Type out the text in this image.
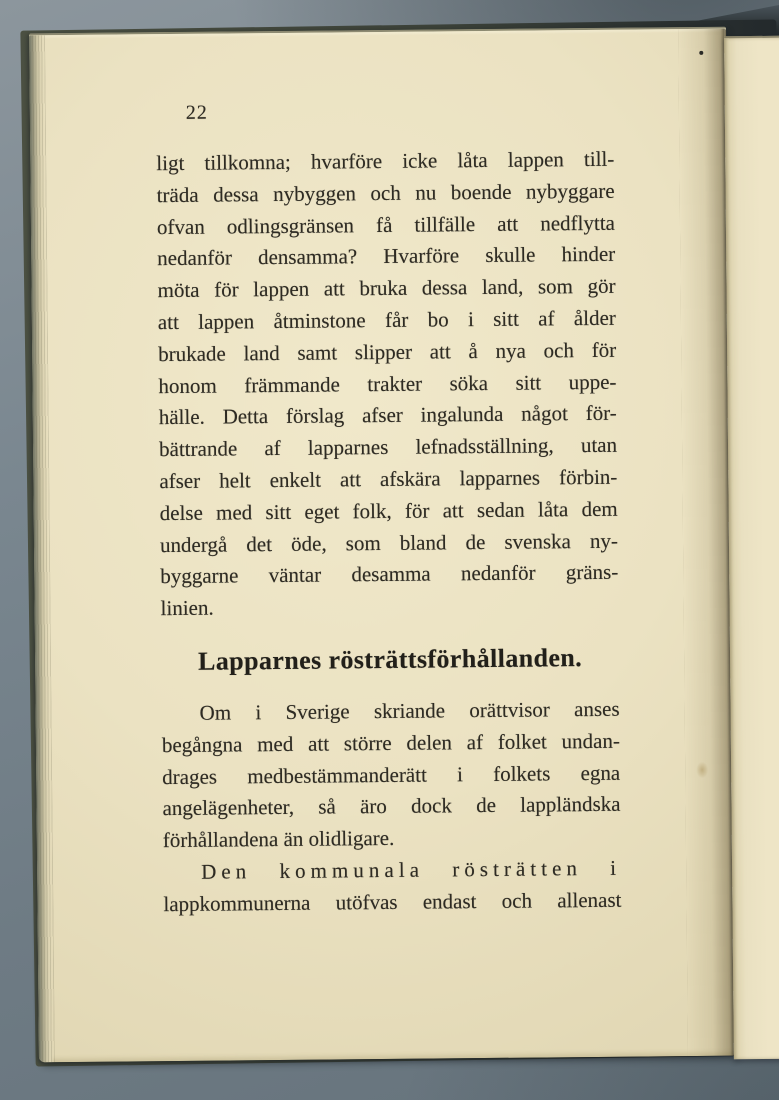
22
ligt tillkomna; hvarföre icke låta lappen till-
träda dessa nybyggen och nu boende nybyggare
ofvan odlingsgränsen få tillfälle att nedflytta
nedanför densamma? Hvarföre skulle hinder
möta för lappen att bruka dessa land, som gör
att lappen åtminstone får bo i sitt af ålder
brukade land samt slipper att å nya och för
honom främmande trakter söka sitt uppe-
hälle. Detta förslag afser ingalunda något för-
bättrande af lapparnes lefnadsställning, utan
afser helt enkelt att afskära lapparnes förbin-
delse med sitt eget folk, för att sedan låta dem
undergå det öde, som bland de svenska ny-
byggarne väntar desamma nedanför gräns-
linien.
Lapparnes rösträttsförhållanden.
Om i Sverige skriande orättvisor anses
begångna med att större delen af folket undan-
drages medbestämmanderätt i folkets egna
angelägenheter, så äro dock de lappländska
förhållandena än olidligare.
Den kommunala rösträtten i
lappkommunerna utöfvas endast och allenast
